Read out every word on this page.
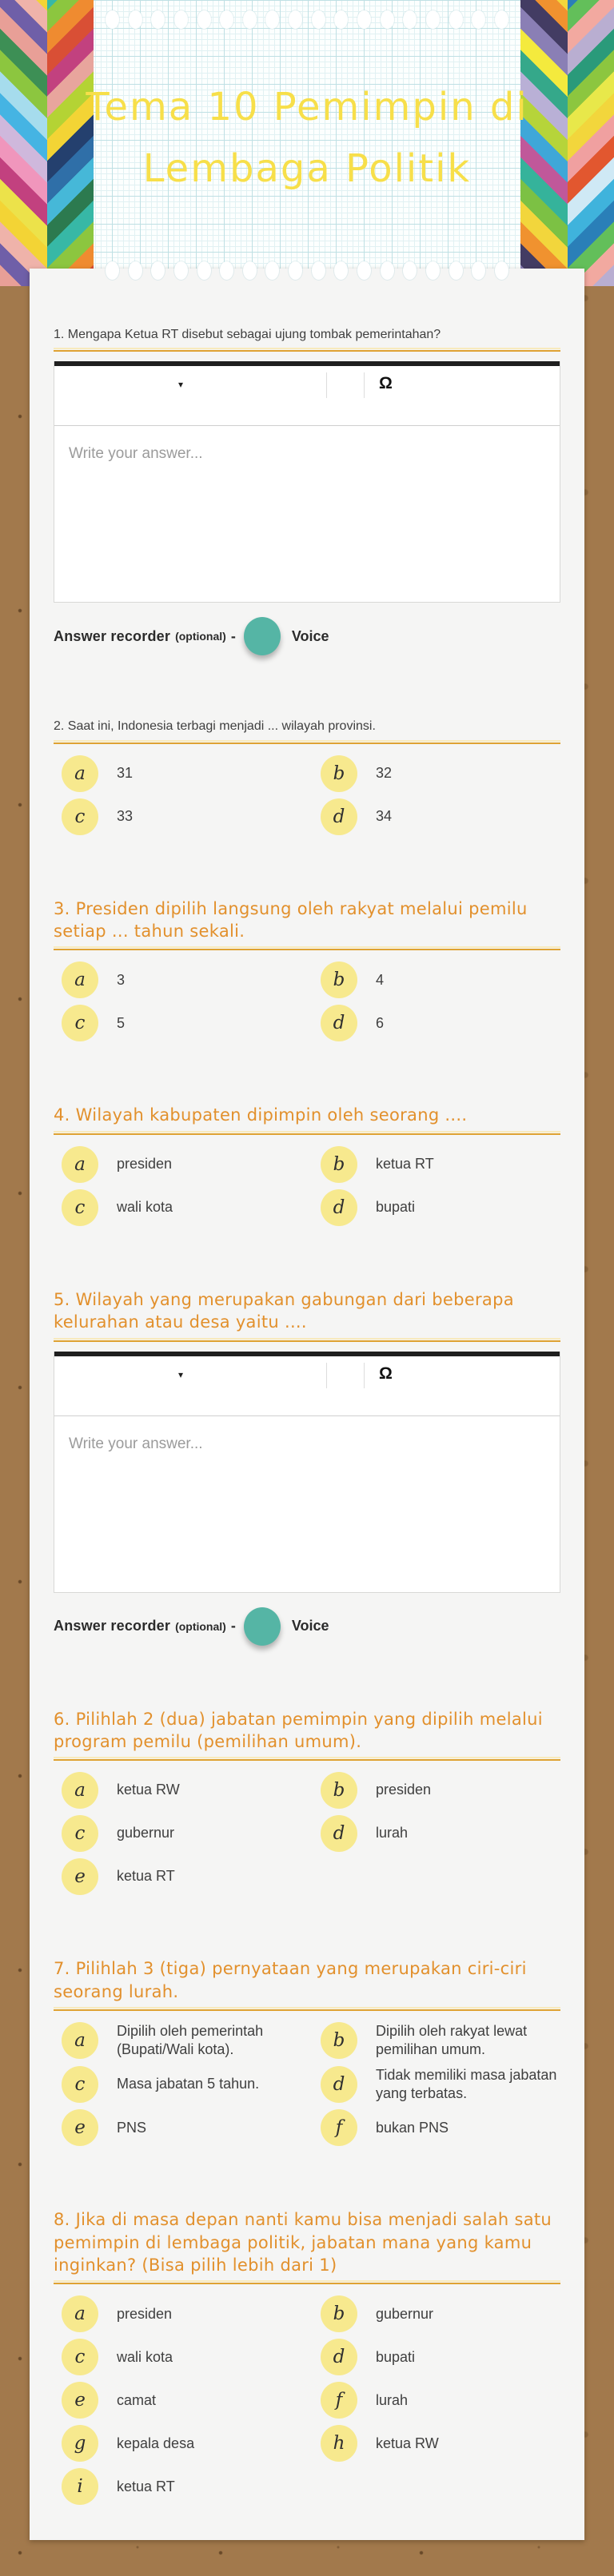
Tema 10 Pemimpin di
Lembaga Politik
1. Mengapa Ketua RT disebut sebagai ujung tombak pemerintahan?
▾	Ω
Write your answer...
Answer recorder (optional) -	Voice
2. Saat ini, Indonesia terbagi menjadi ... wilayah provinsi.
a	31	b	32
c	33	d	34
3. Presiden dipilih langsung oleh rakyat melalui pemilu setiap ... tahun sekali.
a	3	b	4
c	5	d	6
4. Wilayah kabupaten dipimpin oleh seorang ....
a	presiden	b	ketua RT
c	wali kota	d	bupati
5. Wilayah yang merupakan gabungan dari beberapa kelurahan atau desa yaitu ....
▾	Ω
Write your answer...
Answer recorder (optional) -	Voice
6. Pilihlah 2 (dua) jabatan pemimpin yang dipilih melalui program pemilu (pemilihan umum).
a	ketua RW	b	presiden
c	gubernur	d	lurah
e	ketua RT
7. Pilihlah 3 (tiga) pernyataan yang merupakan ciri-ciri seorang lurah.
a	Dipilih oleh pemerintah (Bupati/Wali kota).	b	Dipilih oleh rakyat lewat pemilihan umum.
c	Masa jabatan 5 tahun.	d	Tidak memiliki masa jabatan yang terbatas.
e	PNS	f	bukan PNS
8. Jika di masa depan nanti kamu bisa menjadi salah satu pemimpin di lembaga politik, jabatan mana yang kamu inginkan? (Bisa pilih lebih dari 1)
a	presiden	b	gubernur
c	wali kota	d	bupati
e	camat	f	lurah
g	kepala desa	h	ketua RW
i	ketua RT
